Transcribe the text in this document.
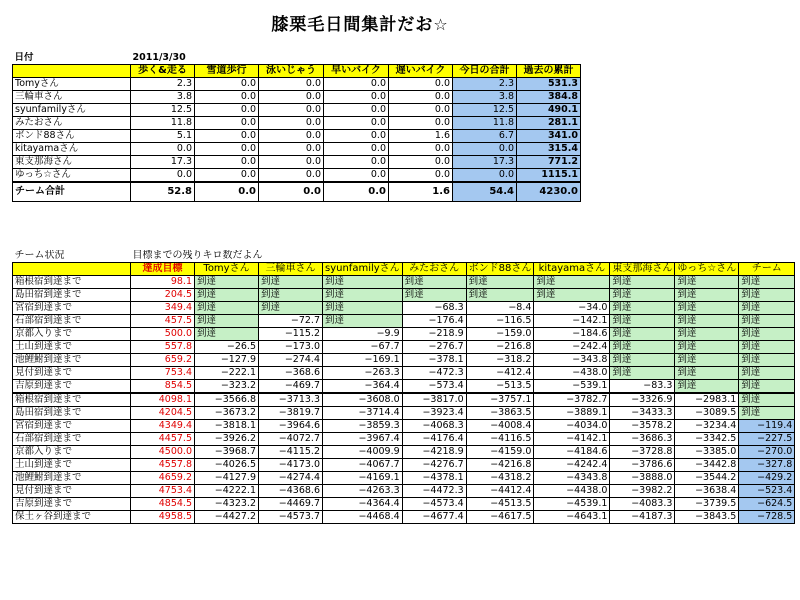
膝栗毛日間集計だお☆
日付	2011/3/30						
	歩く&走る	雪道歩行	泳いじゃう	早いバイク	遅いバイク	今日の合計	過去の累計
Tomyさん	2.3	0.0	0.0	0.0	0.0	2.3	531.3
三輪車さん	3.8	0.0	0.0	0.0	0.0	3.8	384.8
syunfamilyさん	12.5	0.0	0.0	0.0	0.0	12.5	490.1
みたおさん	11.8	0.0	0.0	0.0	0.0	11.8	281.1
ボンド88さん	5.1	0.0	0.0	0.0	1.6	6.7	341.0
kitayamaさん	0.0	0.0	0.0	0.0	0.0	0.0	315.4
東支那海さん	17.3	0.0	0.0	0.0	0.0	17.3	771.2
ゆっち☆さん	0.0	0.0	0.0	0.0	0.0	0.0	1115.1
チーム合計	52.8	0.0	0.0	0.0	1.6	54.4	4230.0
チーム状況	目標までの残りキロ数だよん									
	達成目標	Tomyさん	三輪車さん	syunfamilyさん	みたおさん	ボンド88さん	kitayamaさん	東支那海さん	ゆっち☆さん	チーム
箱根宿到達まで	98.1	到達	到達	到達	到達	到達	到達	到達	到達	到達
島田宿到達まで	204.5	到達	到達	到達	到達	到達	到達	到達	到達	到達
宮宿到達まで	349.4	到達	到達	到達	−68.3	−8.4	−34.0	到達	到達	到達
石部宿到達まで	457.5	到達	−72.7	到達	−176.4	−116.5	−142.1	到達	到達	到達
京都入りまで	500.0	到達	−115.2	−9.9	−218.9	−159.0	−184.6	到達	到達	到達
土山到達まで	557.8	−26.5	−173.0	−67.7	−276.7	−216.8	−242.4	到達	到達	到達
池鯉鮒到達まで	659.2	−127.9	−274.4	−169.1	−378.1	−318.2	−343.8	到達	到達	到達
見付到達まで	753.4	−222.1	−368.6	−263.3	−472.3	−412.4	−438.0	到達	到達	到達
吉原到達まで	854.5	−323.2	−469.7	−364.4	−573.4	−513.5	−539.1	−83.3	到達	到達
箱根宿到達まで	4098.1	−3566.8	−3713.3	−3608.0	−3817.0	−3757.1	−3782.7	−3326.9	−2983.1	到達
島田宿到達まで	4204.5	−3673.2	−3819.7	−3714.4	−3923.4	−3863.5	−3889.1	−3433.3	−3089.5	到達
宮宿到達まで	4349.4	−3818.1	−3964.6	−3859.3	−4068.3	−4008.4	−4034.0	−3578.2	−3234.4	−119.4
石部宿到達まで	4457.5	−3926.2	−4072.7	−3967.4	−4176.4	−4116.5	−4142.1	−3686.3	−3342.5	−227.5
京都入りまで	4500.0	−3968.7	−4115.2	−4009.9	−4218.9	−4159.0	−4184.6	−3728.8	−3385.0	−270.0
土山到達まで	4557.8	−4026.5	−4173.0	−4067.7	−4276.7	−4216.8	−4242.4	−3786.6	−3442.8	−327.8
池鯉鮒到達まで	4659.2	−4127.9	−4274.4	−4169.1	−4378.1	−4318.2	−4343.8	−3888.0	−3544.2	−429.2
見付到達まで	4753.4	−4222.1	−4368.6	−4263.3	−4472.3	−4412.4	−4438.0	−3982.2	−3638.4	−523.4
吉原到達まで	4854.5	−4323.2	−4469.7	−4364.4	−4573.4	−4513.5	−4539.1	−4083.3	−3739.5	−624.5
保土ヶ谷到達まで	4958.5	−4427.2	−4573.7	−4468.4	−4677.4	−4617.5	−4643.1	−4187.3	−3843.5	−728.5
